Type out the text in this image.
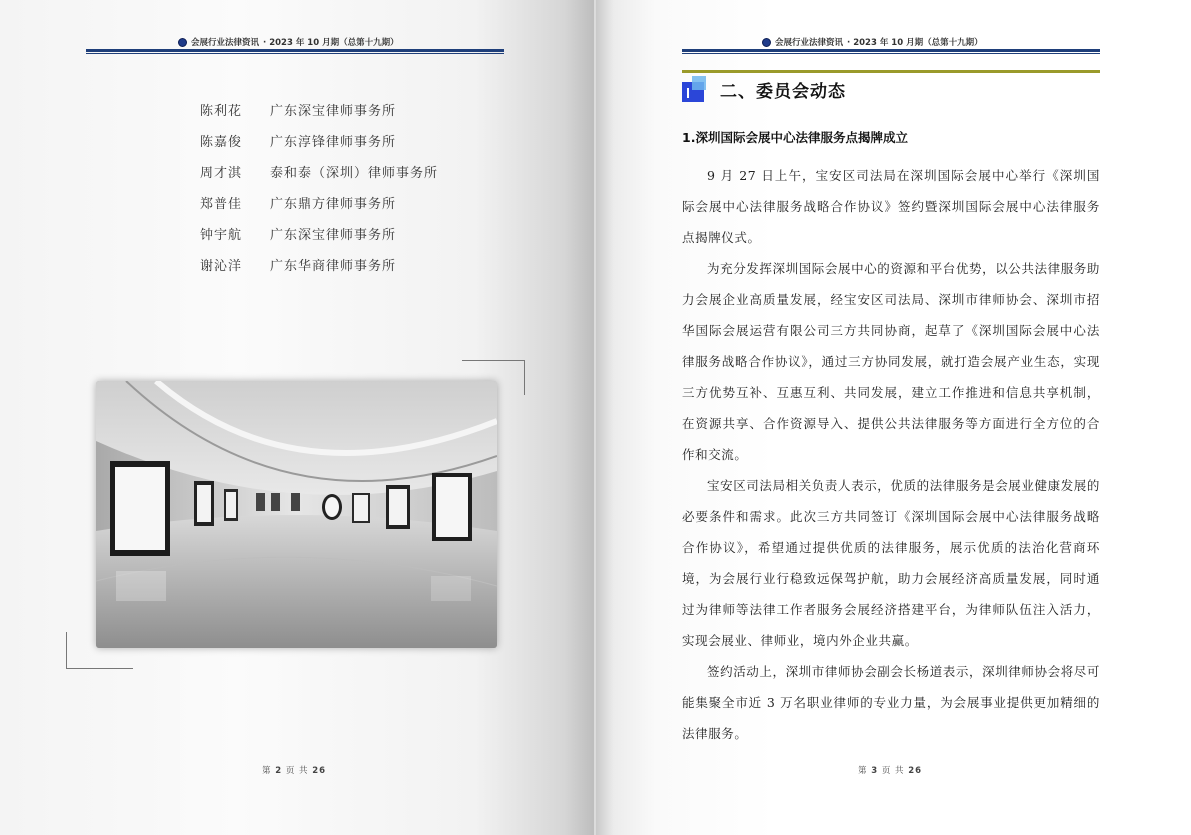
会展行业法律资讯 · 2023 年 10 月期（总第十九期）
陈利花	广东深宝律师事务所
陈嘉俊	广东淳锋律师事务所
周才淇	泰和泰（深圳）律师事务所
郑普佳	广东鼎方律师事务所
钟宇航	广东深宝律师事务所
谢沁洋	广东华商律师事务所
第 2 页 共 26
会展行业法律资讯 · 2023 年 10 月期（总第十九期）
二、委员会动态
1.深圳国际会展中心法律服务点揭牌成立

9 月 27 日上午，宝安区司法局在深圳国际会展中心举行《深圳国际会展中心法律服务战略合作协议》签约暨深圳国际会展中心法律服务点揭牌仪式。

为充分发挥深圳国际会展中心的资源和平台优势，以公共法律服务助力会展企业高质量发展，经宝安区司法局、深圳市律师协会、深圳市招华国际会展运营有限公司三方共同协商，起草了《深圳国际会展中心法律服务战略合作协议》，通过三方协同发展，就打造会展产业生态，实现三方优势互补、互惠互利、共同发展，建立工作推进和信息共享机制，在资源共享、合作资源导入、提供公共法律服务等方面进行全方位的合作和交流。

宝安区司法局相关负责人表示，优质的法律服务是会展业健康发展的必要条件和需求。此次三方共同签订《深圳国际会展中心法律服务战略合作协议》，希望通过提供优质的法律服务，展示优质的法治化营商环境，为会展行业行稳致远保驾护航，助力会展经济高质量发展，同时通过为律师等法律工作者服务会展经济搭建平台，为律师队伍注入活力，实现会展业、律师业，境内外企业共赢。

签约活动上，深圳市律师协会副会长杨道表示，深圳律师协会将尽可能集聚全市近 3 万名职业律师的专业力量，为会展事业提供更加精细的法律服务。

第 3 页 共 26
